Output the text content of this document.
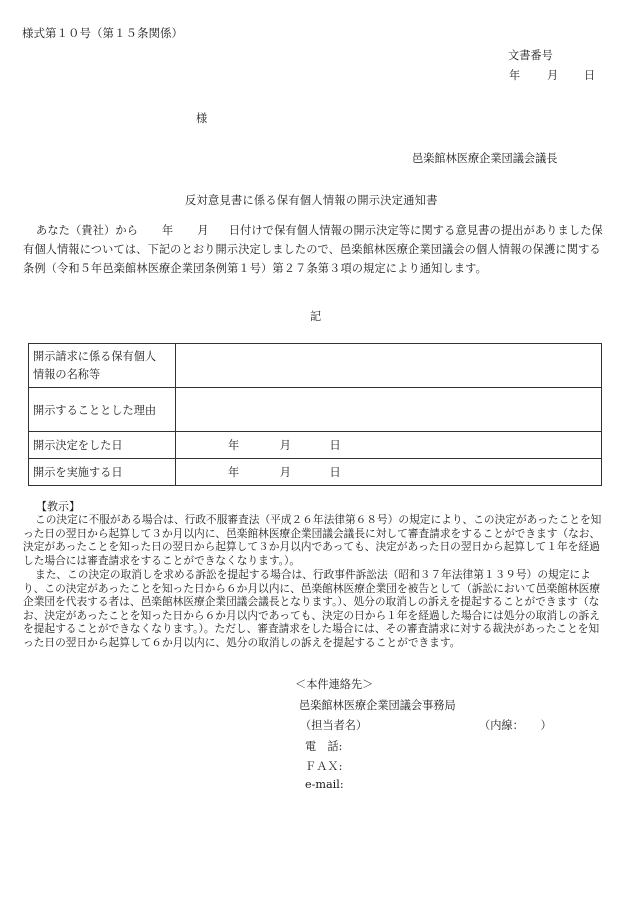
様式第１０号（第１５条関係）
文書番号
年 月 日
様
邑楽館林医療企業団議会議長
反対意見書に係る保有個人情報の開示決定通知書

あなた（貴社）から 年 月 日付けで保有個人情報の開示決定等に関する意見書の提出がありました保有個人情報については、下記のとおり開示決定しましたので、邑楽館林医療企業団議会の個人情報の保護に関する条例（令和５年邑楽館林医療企業団条例第１号）第２７条第３項の規定により通知します。

記
開示請求に係る保有個人
情報の名称等	
開示することとした理由	
開示決定をした日	年 月 日
開示を実施する日	年 月 日
【教示】

この決定に不服がある場合は、行政不服審査法（平成２６年法律第６８号）の規定により、この決定があったことを知った日の翌日から起算して３か月以内に、邑楽館林医療企業団議会議長に対して審査請求をすることができます（なお、決定があったことを知った日の翌日から起算して３か月以内であっても、決定があった日の翌日から起算して１年を経過した場合には審査請求をすることができなくなります。）。

また、この決定の取消しを求める訴訟を提起する場合は、行政事件訴訟法（昭和３７年法律第１３９号）の規定により、この決定があったことを知った日から６か月以内に、邑楽館林医療企業団を被告として（訴訟において邑楽館林医療企業団を代表する者は、邑楽館林医療企業団議会議長となります。）、処分の取消しの訴えを提起することができます（なお、決定があったことを知った日から６か月以内であっても、決定の日から１年を経過した場合には処分の取消しの訴えを提起することができなくなります。）。ただし、審査請求をした場合には、その審査請求に対する裁決があったことを知った日の翌日から起算して６か月以内に、処分の取消しの訴えを提起することができます。

＜本件連絡先＞
邑楽館林医療企業団議会事務局
（担当者名）	（内線：　　）
電　話:
ＦＡＸ:
e-mail:
